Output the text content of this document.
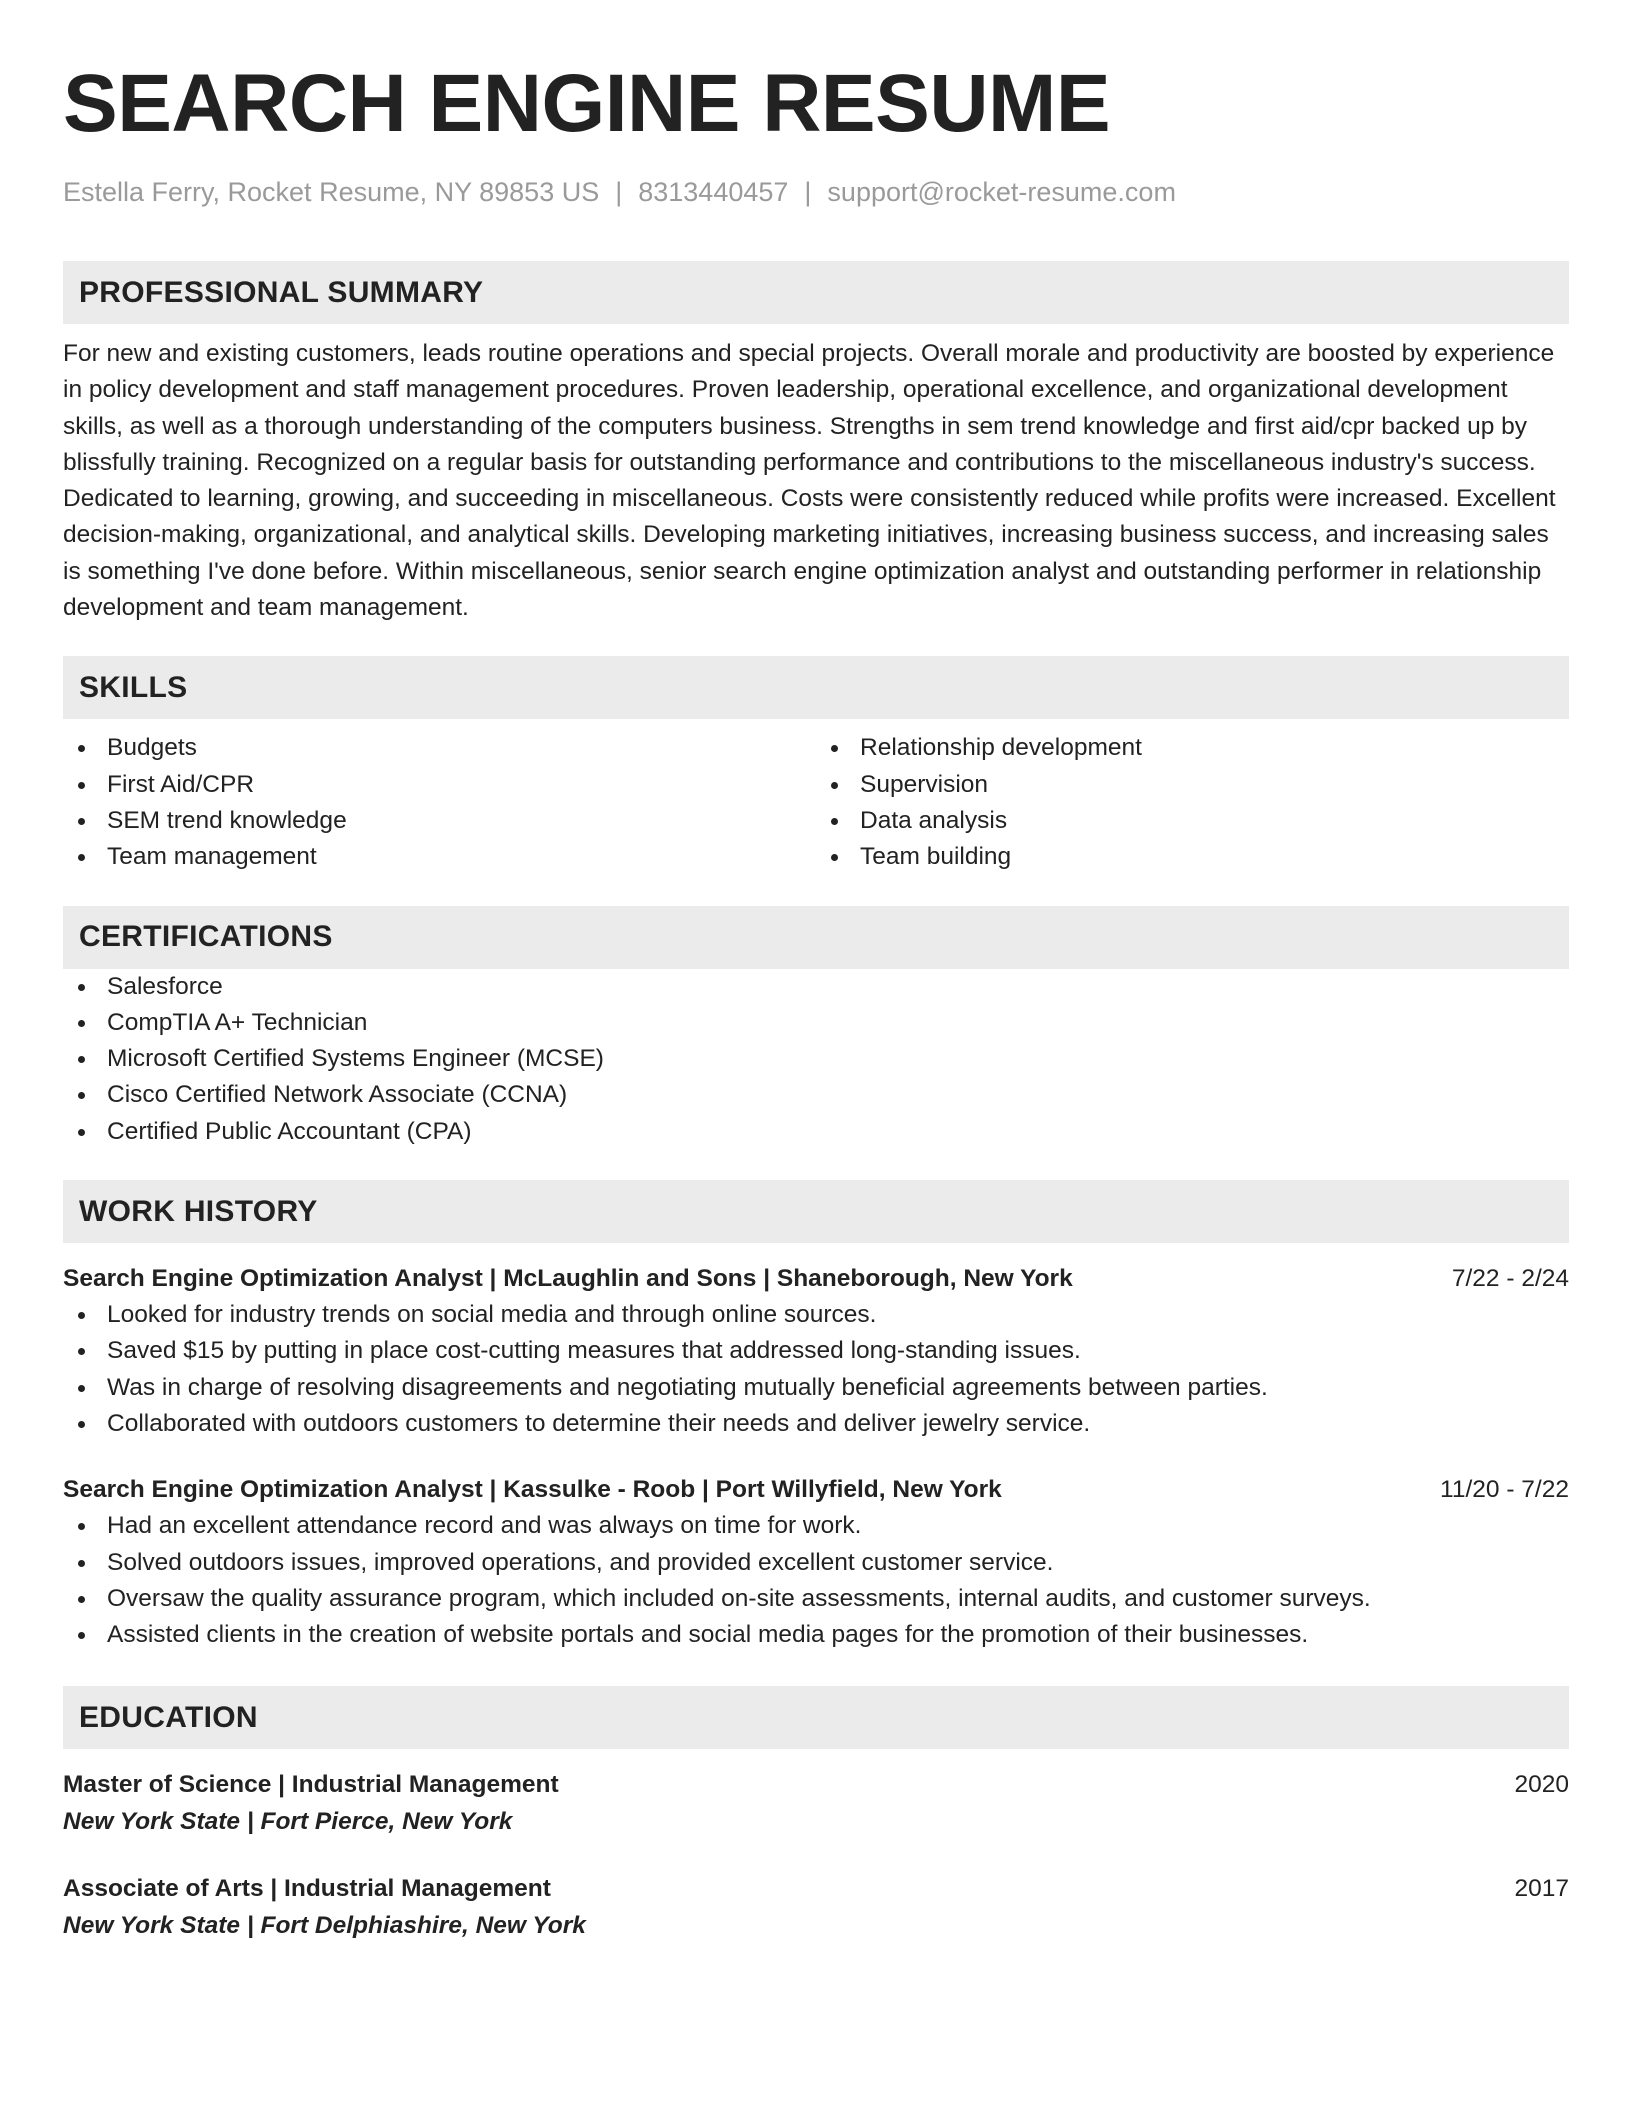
SEARCH ENGINE RESUME
Estella Ferry, Rocket Resume, NY 89853 US | 8313440457 | support@rocket-resume.com
PROFESSIONAL SUMMARY

For new and existing customers, leads routine operations and special projects. Overall morale and productivity are boosted by experience in policy development and staff management procedures. Proven leadership, operational excellence, and organizational development skills, as well as a thorough understanding of the computers business. Strengths in sem trend knowledge and first aid/cpr backed up by blissfully training. Recognized on a regular basis for outstanding performance and contributions to the miscellaneous industry's success. Dedicated to learning, growing, and succeeding in miscellaneous. Costs were consistently reduced while profits were increased. Excellent decision-making, organizational, and analytical skills. Developing marketing initiatives, increasing business success, and increasing sales is something I've done before. Within miscellaneous, senior search engine optimization analyst and outstanding performer in relationship development and team management.

SKILLS
Budgets
First Aid/CPR
SEM trend knowledge
Team management
Relationship development
Supervision
Data analysis
Team building
CERTIFICATIONS
Salesforce
CompTIA A+ Technician
Microsoft Certified Systems Engineer (MCSE)
Cisco Certified Network Associate (CCNA)
Certified Public Accountant (CPA)
WORK HISTORY
Search Engine Optimization Analyst | McLaughlin and Sons | Shaneborough, New York	7/22 - 2/24
Looked for industry trends on social media and through online sources.
Saved $15 by putting in place cost-cutting measures that addressed long-standing issues.
Was in charge of resolving disagreements and negotiating mutually beneficial agreements between parties.
Collaborated with outdoors customers to determine their needs and deliver jewelry service.
Search Engine Optimization Analyst | Kassulke - Roob | Port Willyfield, New York	11/20 - 7/22
Had an excellent attendance record and was always on time for work.
Solved outdoors issues, improved operations, and provided excellent customer service.
Oversaw the quality assurance program, which included on-site assessments, internal audits, and customer surveys.
Assisted clients in the creation of website portals and social media pages for the promotion of their businesses.
EDUCATION
Master of Science | Industrial Management	2020
New York State | Fort Pierce, New York
Associate of Arts | Industrial Management	2017
New York State | Fort Delphiashire, New York
